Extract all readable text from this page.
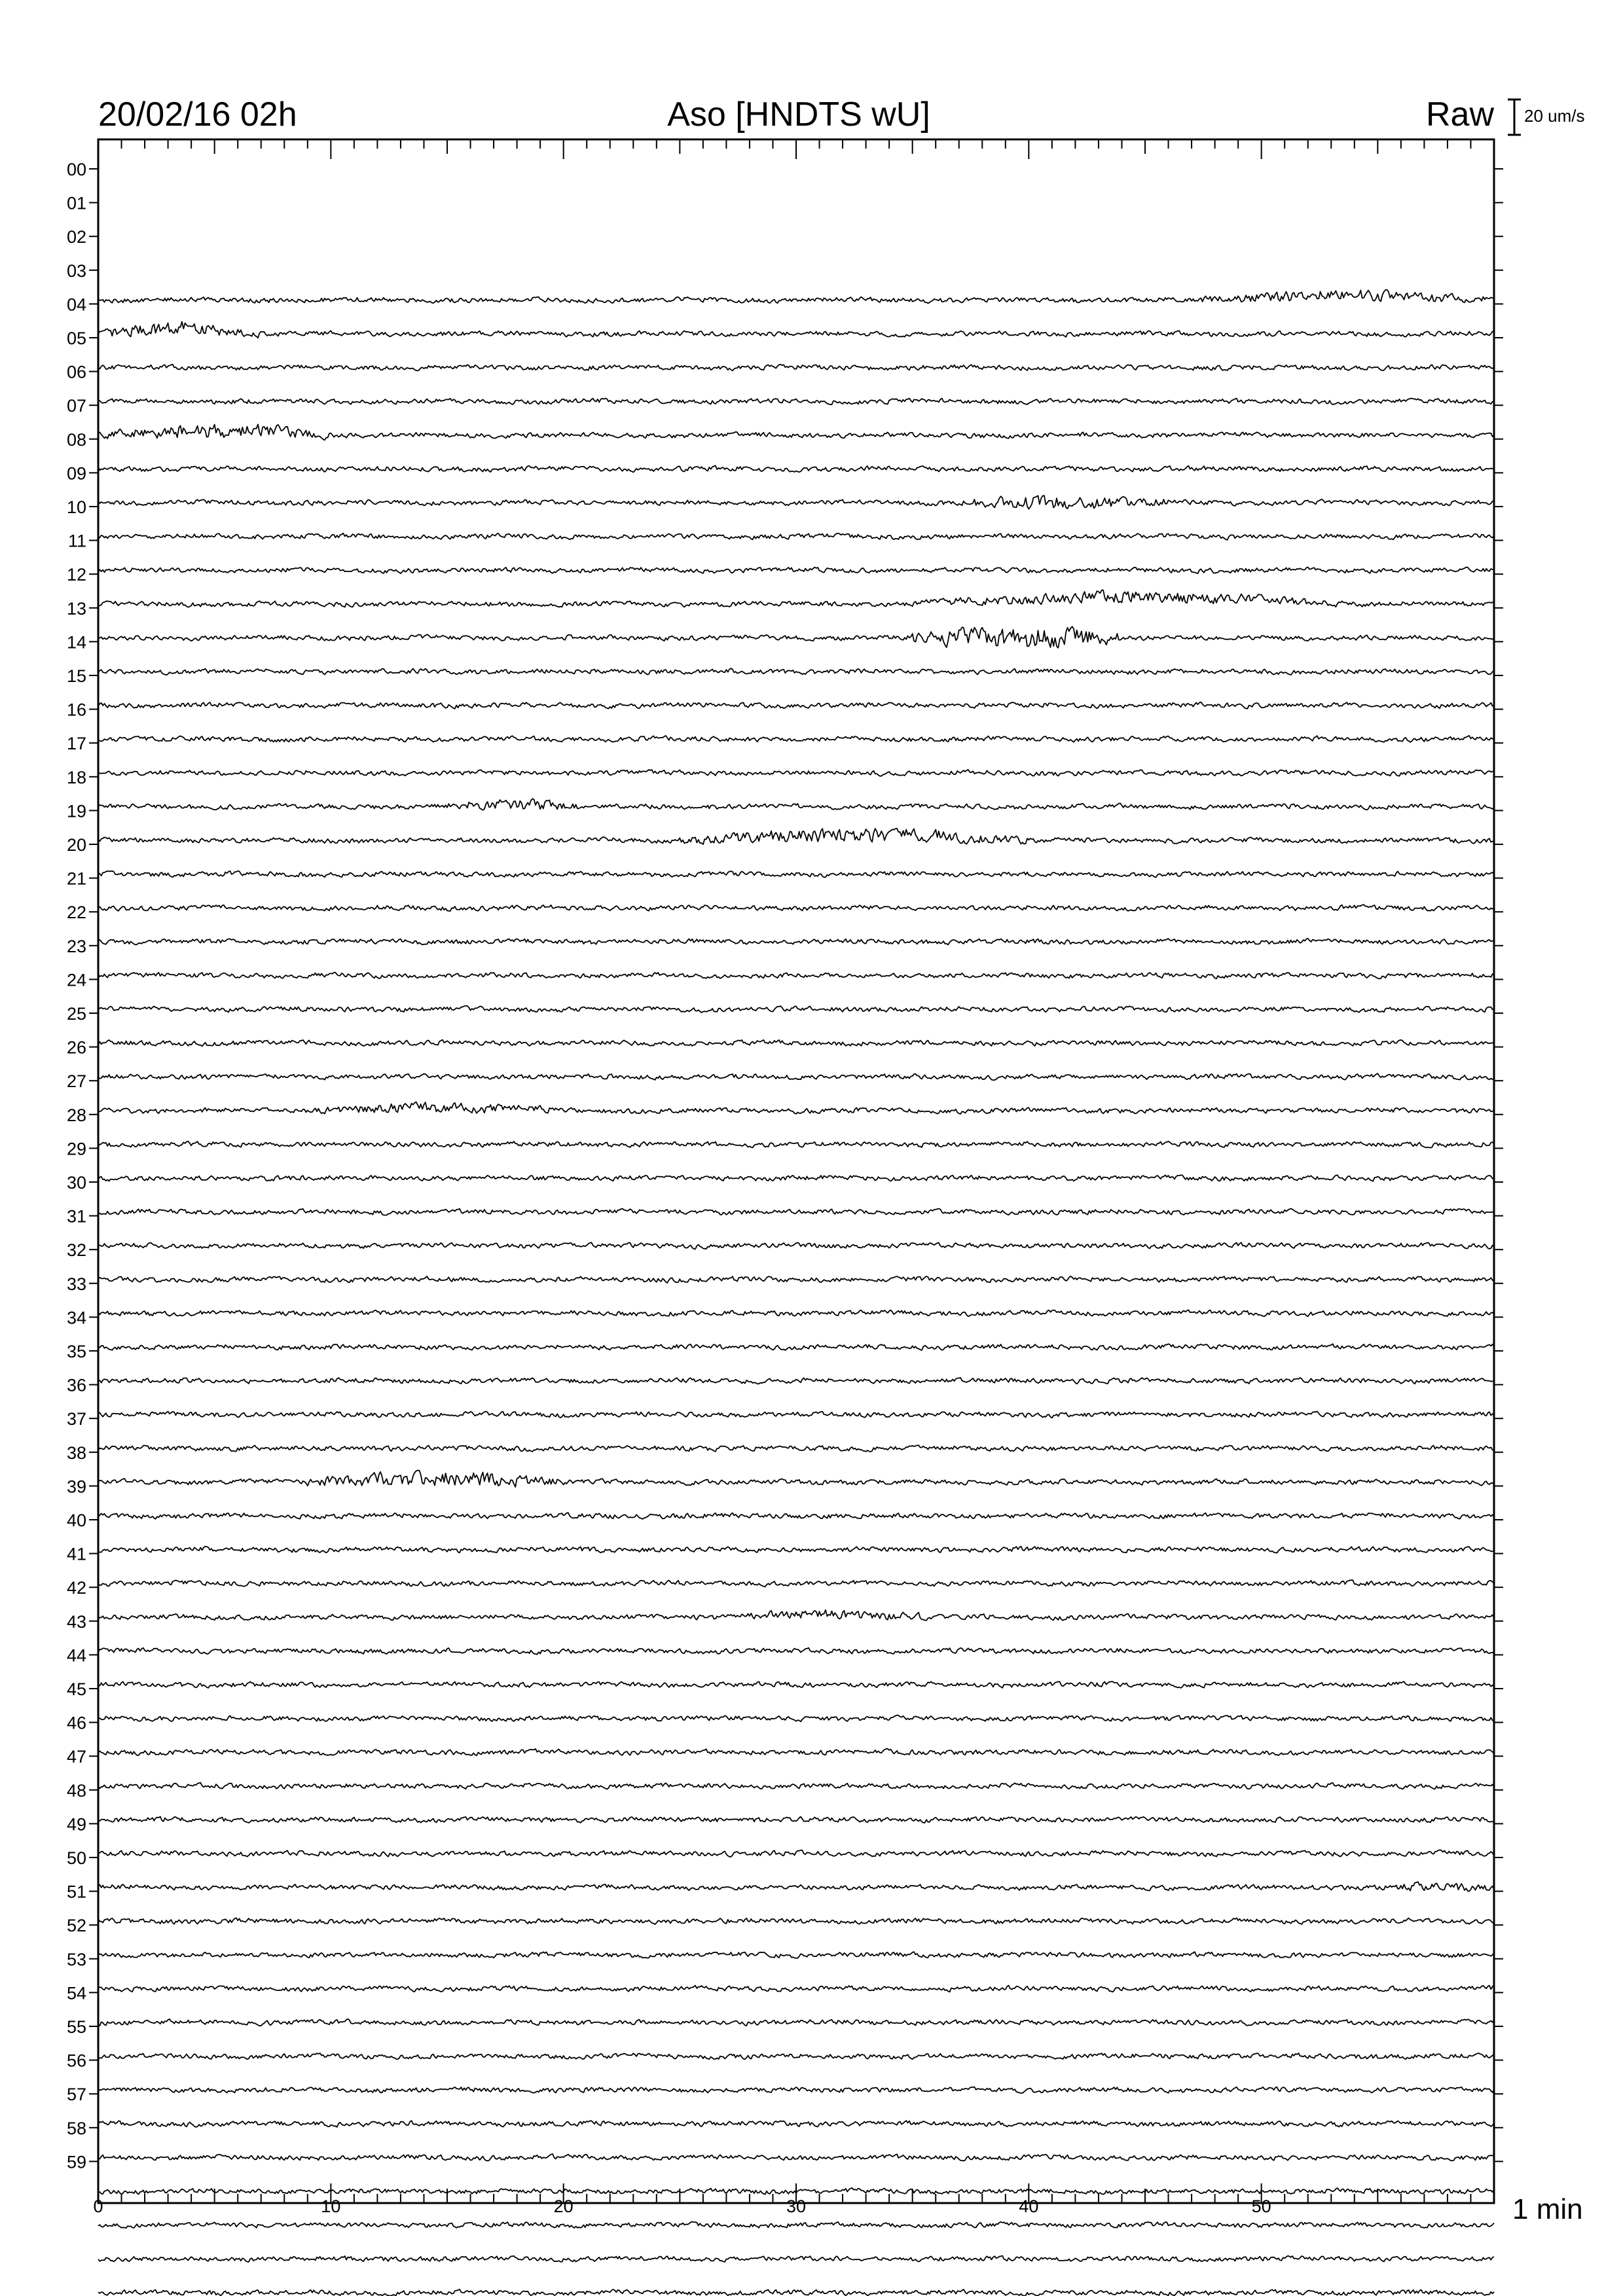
20/02/16 02h	Aso [HNDTS wU]	Raw 20 um/s
00
01
02
03
04
05
06
07
08
09
10
11
12
13
14
15
16
17
18
19
20
21
22
23
24
25
26
27
28
29
30
31
32
33
34
35
36
37
38
39
40
41
42
43
44
45
46
47
48
49
50
51
52
53
54
55
56
57
58
59
0	10	20	30	40	50	1 min
